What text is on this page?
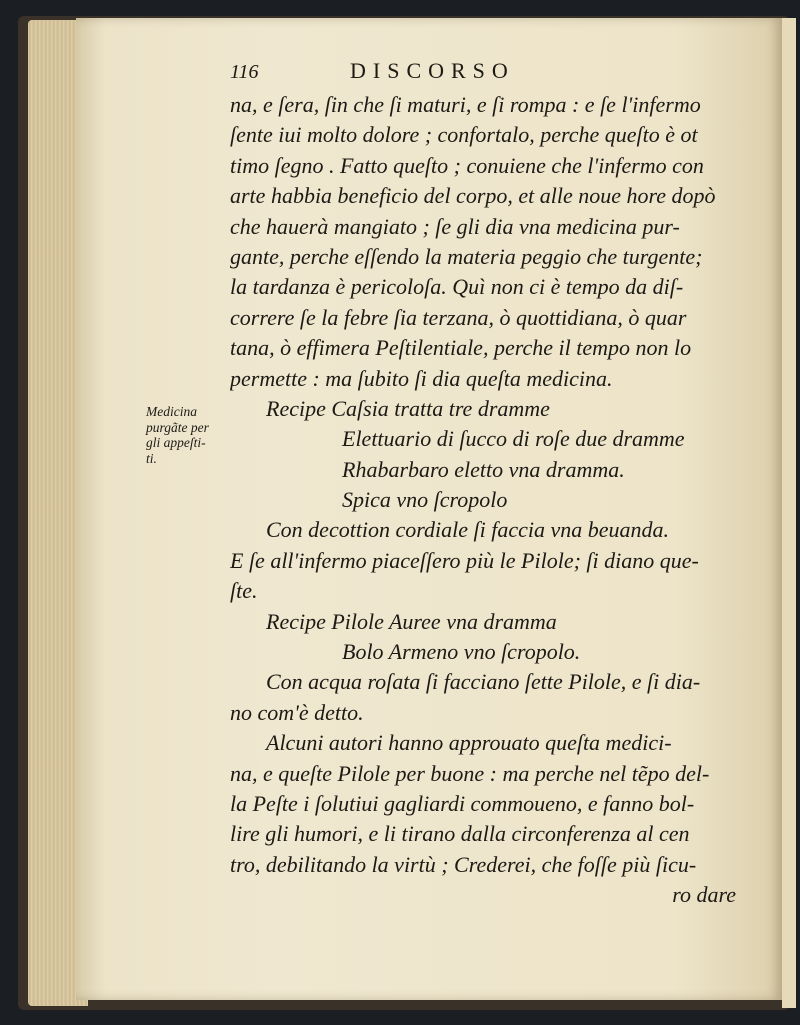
Medicina
purgãte per
gli appeſti-
ti.
116	DISCORSO
na, e ſera, ſin che ſi maturi, e ſi rompa : e ſe l'infermo
ſente iui molto dolore ; confortalo, perche queſto è ot
timo ſegno . Fatto queſto ; conuiene che l'infermo con
arte habbia beneficio del corpo, et alle noue hore dopò
che hauerà mangiato ; ſe gli dia vna medicina pur-
gante, perche eſſendo la materia peggio che turgente;
la tardanza è pericoloſa. Quì non ci è tempo da diſ-
correre ſe la febre ſia terzana, ò quottidiana, ò quar
tana, ò effimera Peſtilentiale, perche il tempo non lo
permette : ma ſubito ſi dia queſta medicina.
Recipe Caſsia tratta tre dramme
Elettuario di ſucco di roſe due dramme
Rhabarbaro eletto vna dramma.
Spica vno ſcropolo
Con decottion cordiale ſi faccia vna beuanda.
E ſe all'infermo piaceſſero più le Pilole; ſi diano que-
ſte.
Recipe Pilole Auree vna dramma
Bolo Armeno vno ſcropolo.
Con acqua roſata ſi facciano ſette Pilole, e ſi dia-
no com'è detto.
Alcuni autori hanno approuato queſta medici-
na, e queſte Pilole per buone : ma perche nel tẽpo del-
la Peſte i ſolutiui gagliardi commoueno, e fanno bol-
lire gli humori, e li tirano dalla circonferenza al cen
tro, debilitando la virtù ; Crederei, che foſſe più ſicu-
ro dare
